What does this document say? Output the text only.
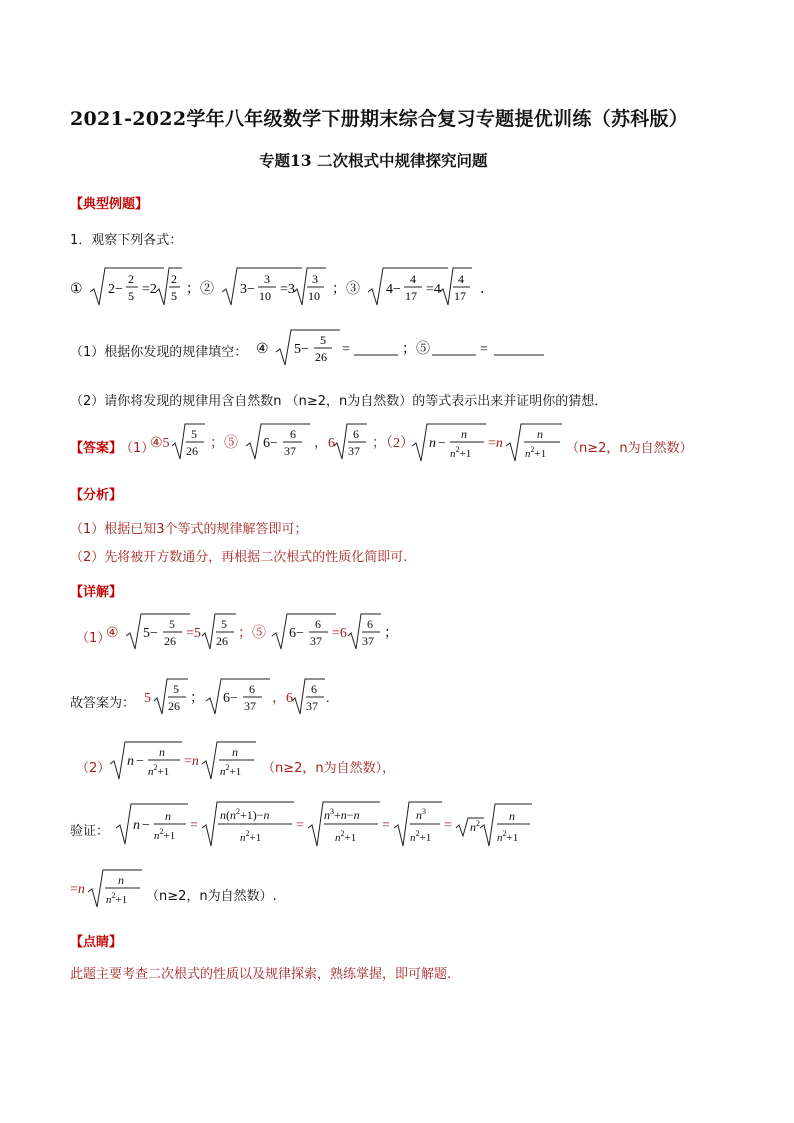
2021-2022学年八年级数学下册期末综合复习专题提优训练（苏科版）
专题13 二次根式中规律探究问题
【典型例题】
1．观察下列各式：
① 2−
2
5 =2
2
5 ；② 3−
3
10 =3
3
10 ；③ 4−
4
17 =4
4
17 ．
（1）根据你发现的规律填空： ④ 5−
5
26 =	；⑤	=
（2）请你将发现的规律用含自然数n （n≥2，n为自然数）的等式表示出来并证明你的猜想．
【答案】
（1）
④5
5
26 ；⑤ 6−
6
37 ，6
6
37 ；（2） n −
n
$n^2+1$
=n
n
$n^2+1$ （n≥2，n为自然数）
【分析】
（1）根据已知3个等式的规律解答即可；
（2）先将被开方数通分，再根据二次根式的性质化简即可.
【详解】
（1）
④ 5−
5
26 =5
5
26 ；⑤ 6−
6
37 =6
6
37 ；
故答案为： 5
5
26 ； 6−
6
37 ，6
6
37 .
（2） n −
n
$n^2+1$
=n
n
$n^2+1$ （n≥2，n为自然数），
验证： n −
n
$n^2+1$
=
$n(n^2+1)-n$
$n^2+1$
=
$n^3+n-n$
$n^2+1$
=
$n^3$
$n^2+1$
= $n^2$
n
$n^2+1$
=n
n
$n^2+1$ （n≥2，n为自然数）.
【点睛】
此题主要考查二次根式的性质以及规律探索，熟练掌握，即可解题.
